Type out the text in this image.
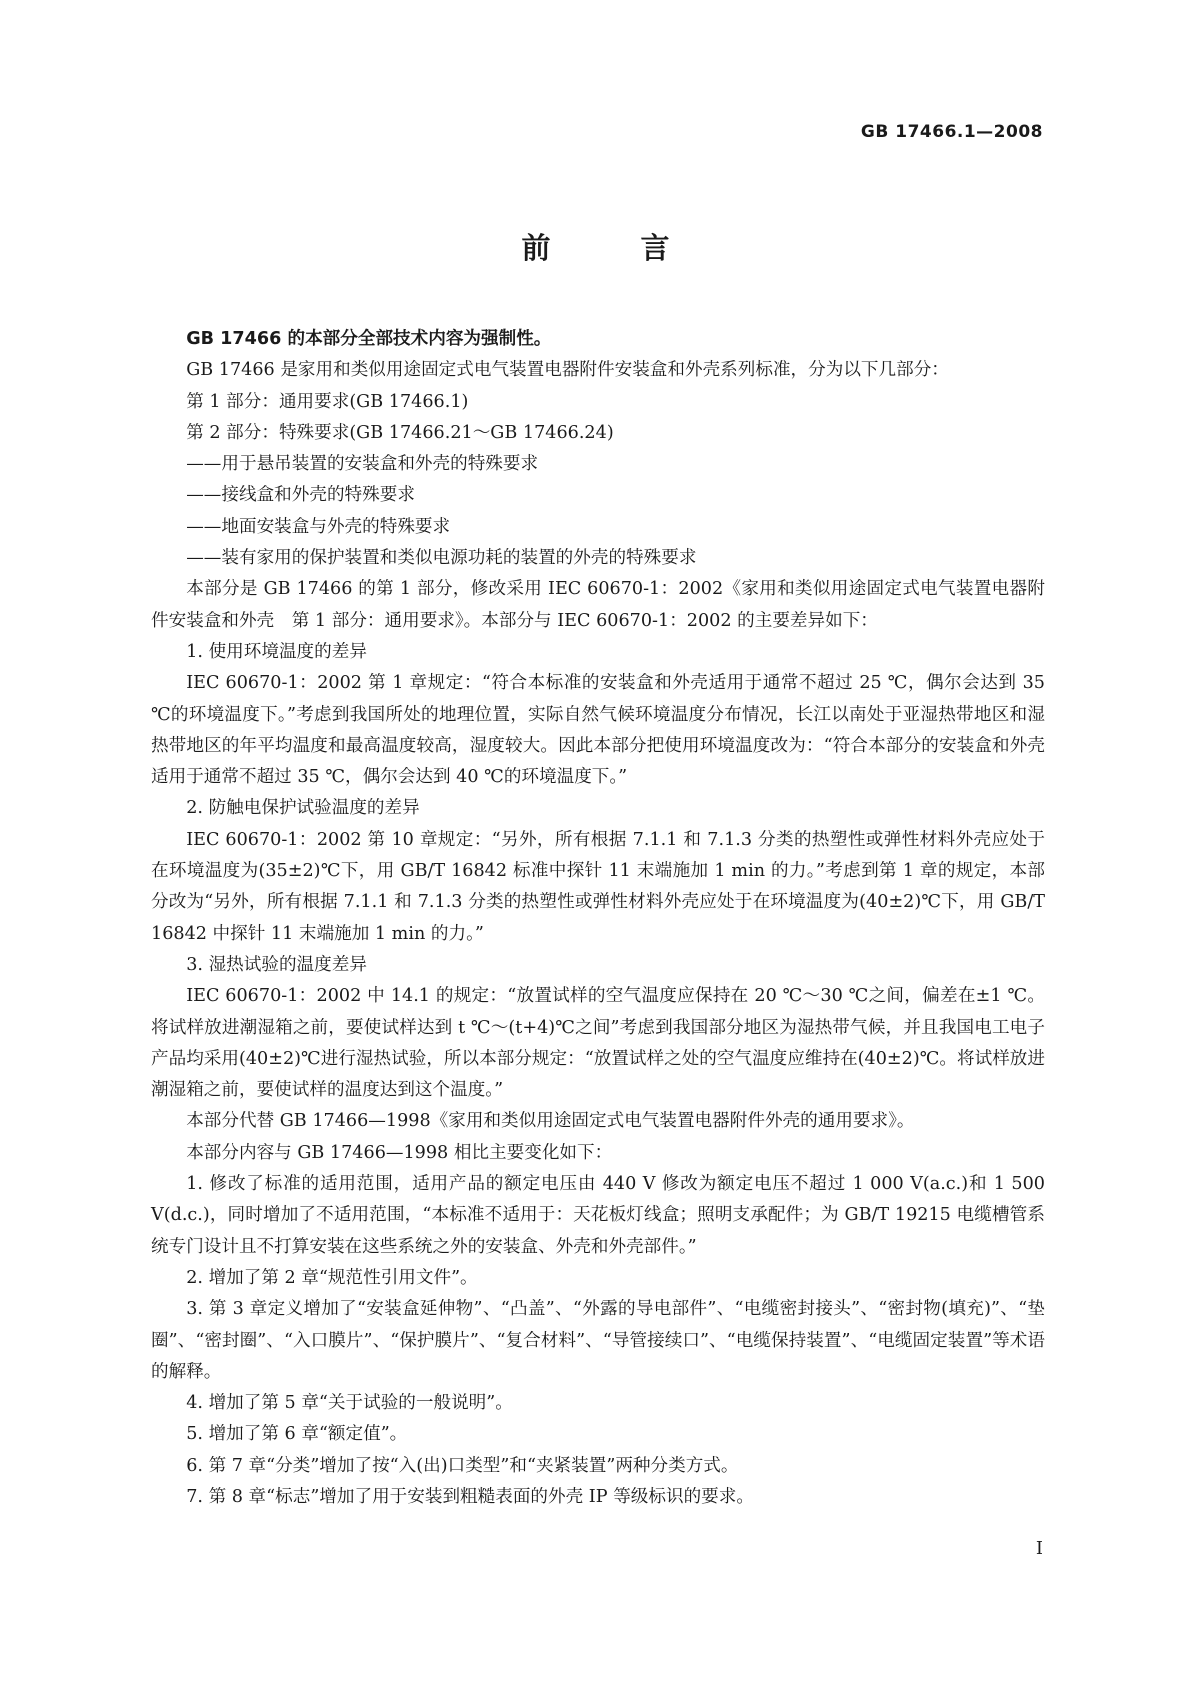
GB 17466.1—2008
前 言

GB 17466 的本部分全部技术内容为强制性。

GB 17466 是家用和类似用途固定式电气装置电器附件安装盒和外壳系列标准，分为以下几部分：

第 1 部分：通用要求(GB 17466.1)

第 2 部分：特殊要求(GB 17466.21～GB 17466.24)

——用于悬吊装置的安装盒和外壳的特殊要求

——接线盒和外壳的特殊要求

——地面安装盒与外壳的特殊要求

——装有家用的保护装置和类似电源功耗的装置的外壳的特殊要求

本部分是 GB 17466 的第 1 部分，修改采用 IEC 60670-1：2002《家用和类似用途固定式电气装置电器附件安装盒和外壳　第 1 部分：通用要求》。本部分与 IEC 60670-1：2002 的主要差异如下：

1. 使用环境温度的差异

IEC 60670-1：2002 第 1 章规定：“符合本标准的安装盒和外壳适用于通常不超过 25 ℃，偶尔会达到 35 ℃的环境温度下。”考虑到我国所处的地理位置，实际自然气候环境温度分布情况，长江以南处于亚湿热带地区和湿热带地区的年平均温度和最高温度较高，湿度较大。因此本部分把使用环境温度改为：“符合本部分的安装盒和外壳适用于通常不超过 35 ℃，偶尔会达到 40 ℃的环境温度下。”

2. 防触电保护试验温度的差异

IEC 60670-1：2002 第 10 章规定：“另外，所有根据 7.1.1 和 7.1.3 分类的热塑性或弹性材料外壳应处于在环境温度为(35±2)℃下，用 GB/T 16842 标准中探针 11 末端施加 1 min 的力。”考虑到第 1 章的规定，本部分改为“另外，所有根据 7.1.1 和 7.1.3 分类的热塑性或弹性材料外壳应处于在环境温度为(40±2)℃下，用 GB/T 16842 中探针 11 末端施加 1 min 的力。”

3. 湿热试验的温度差异

IEC 60670-1：2002 中 14.1 的规定：“放置试样的空气温度应保持在 20 ℃～30 ℃之间，偏差在±1 ℃。将试样放进潮湿箱之前，要使试样达到 t ℃～(t+4)℃之间”考虑到我国部分地区为湿热带气候，并且我国电工电子产品均采用(40±2)℃进行湿热试验，所以本部分规定：“放置试样之处的空气温度应维持在(40±2)℃。将试样放进潮湿箱之前，要使试样的温度达到这个温度。”

本部分代替 GB 17466—1998《家用和类似用途固定式电气装置电器附件外壳的通用要求》。

本部分内容与 GB 17466—1998 相比主要变化如下：

1. 修改了标准的适用范围，适用产品的额定电压由 440 V 修改为额定电压不超过 1 000 V(a.c.)和 1 500 V(d.c.)，同时增加了不适用范围，“本标准不适用于：天花板灯线盒；照明支承配件；为 GB/T 19215 电缆槽管系统专门设计且不打算安装在这些系统之外的安装盒、外壳和外壳部件。”

2. 增加了第 2 章“规范性引用文件”。

3. 第 3 章定义增加了“安装盒延伸物”、“凸盖”、“外露的导电部件”、“电缆密封接头”、“密封物(填充)”、“垫圈”、“密封圈”、“入口膜片”、“保护膜片”、“复合材料”、“导管接续口”、“电缆保持装置”、“电缆固定装置”等术语的解释。

4. 增加了第 5 章“关于试验的一般说明”。

5. 增加了第 6 章“额定值”。

6. 第 7 章“分类”增加了按“入(出)口类型”和“夹紧装置”两种分类方式。

7. 第 8 章“标志”增加了用于安装到粗糙表面的外壳 IP 等级标识的要求。

I
